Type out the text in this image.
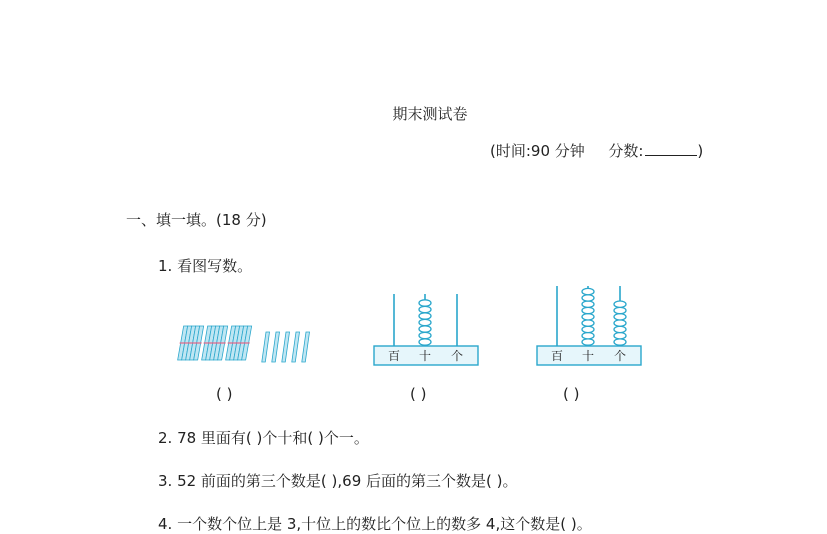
期末测试卷
(时间:90 分钟 分数:	)
一、填一填。(18 分)
1. 看图写数。
百 十 个	百 十 个
( )	( )	( )
2. 78 里面有( )个十和( )个一。
3. 52 前面的第三个数是( ),69 后面的第三个数是( )。
4. 一个数个位上是 3,十位上的数比个位上的数多 4,这个数是( )。
